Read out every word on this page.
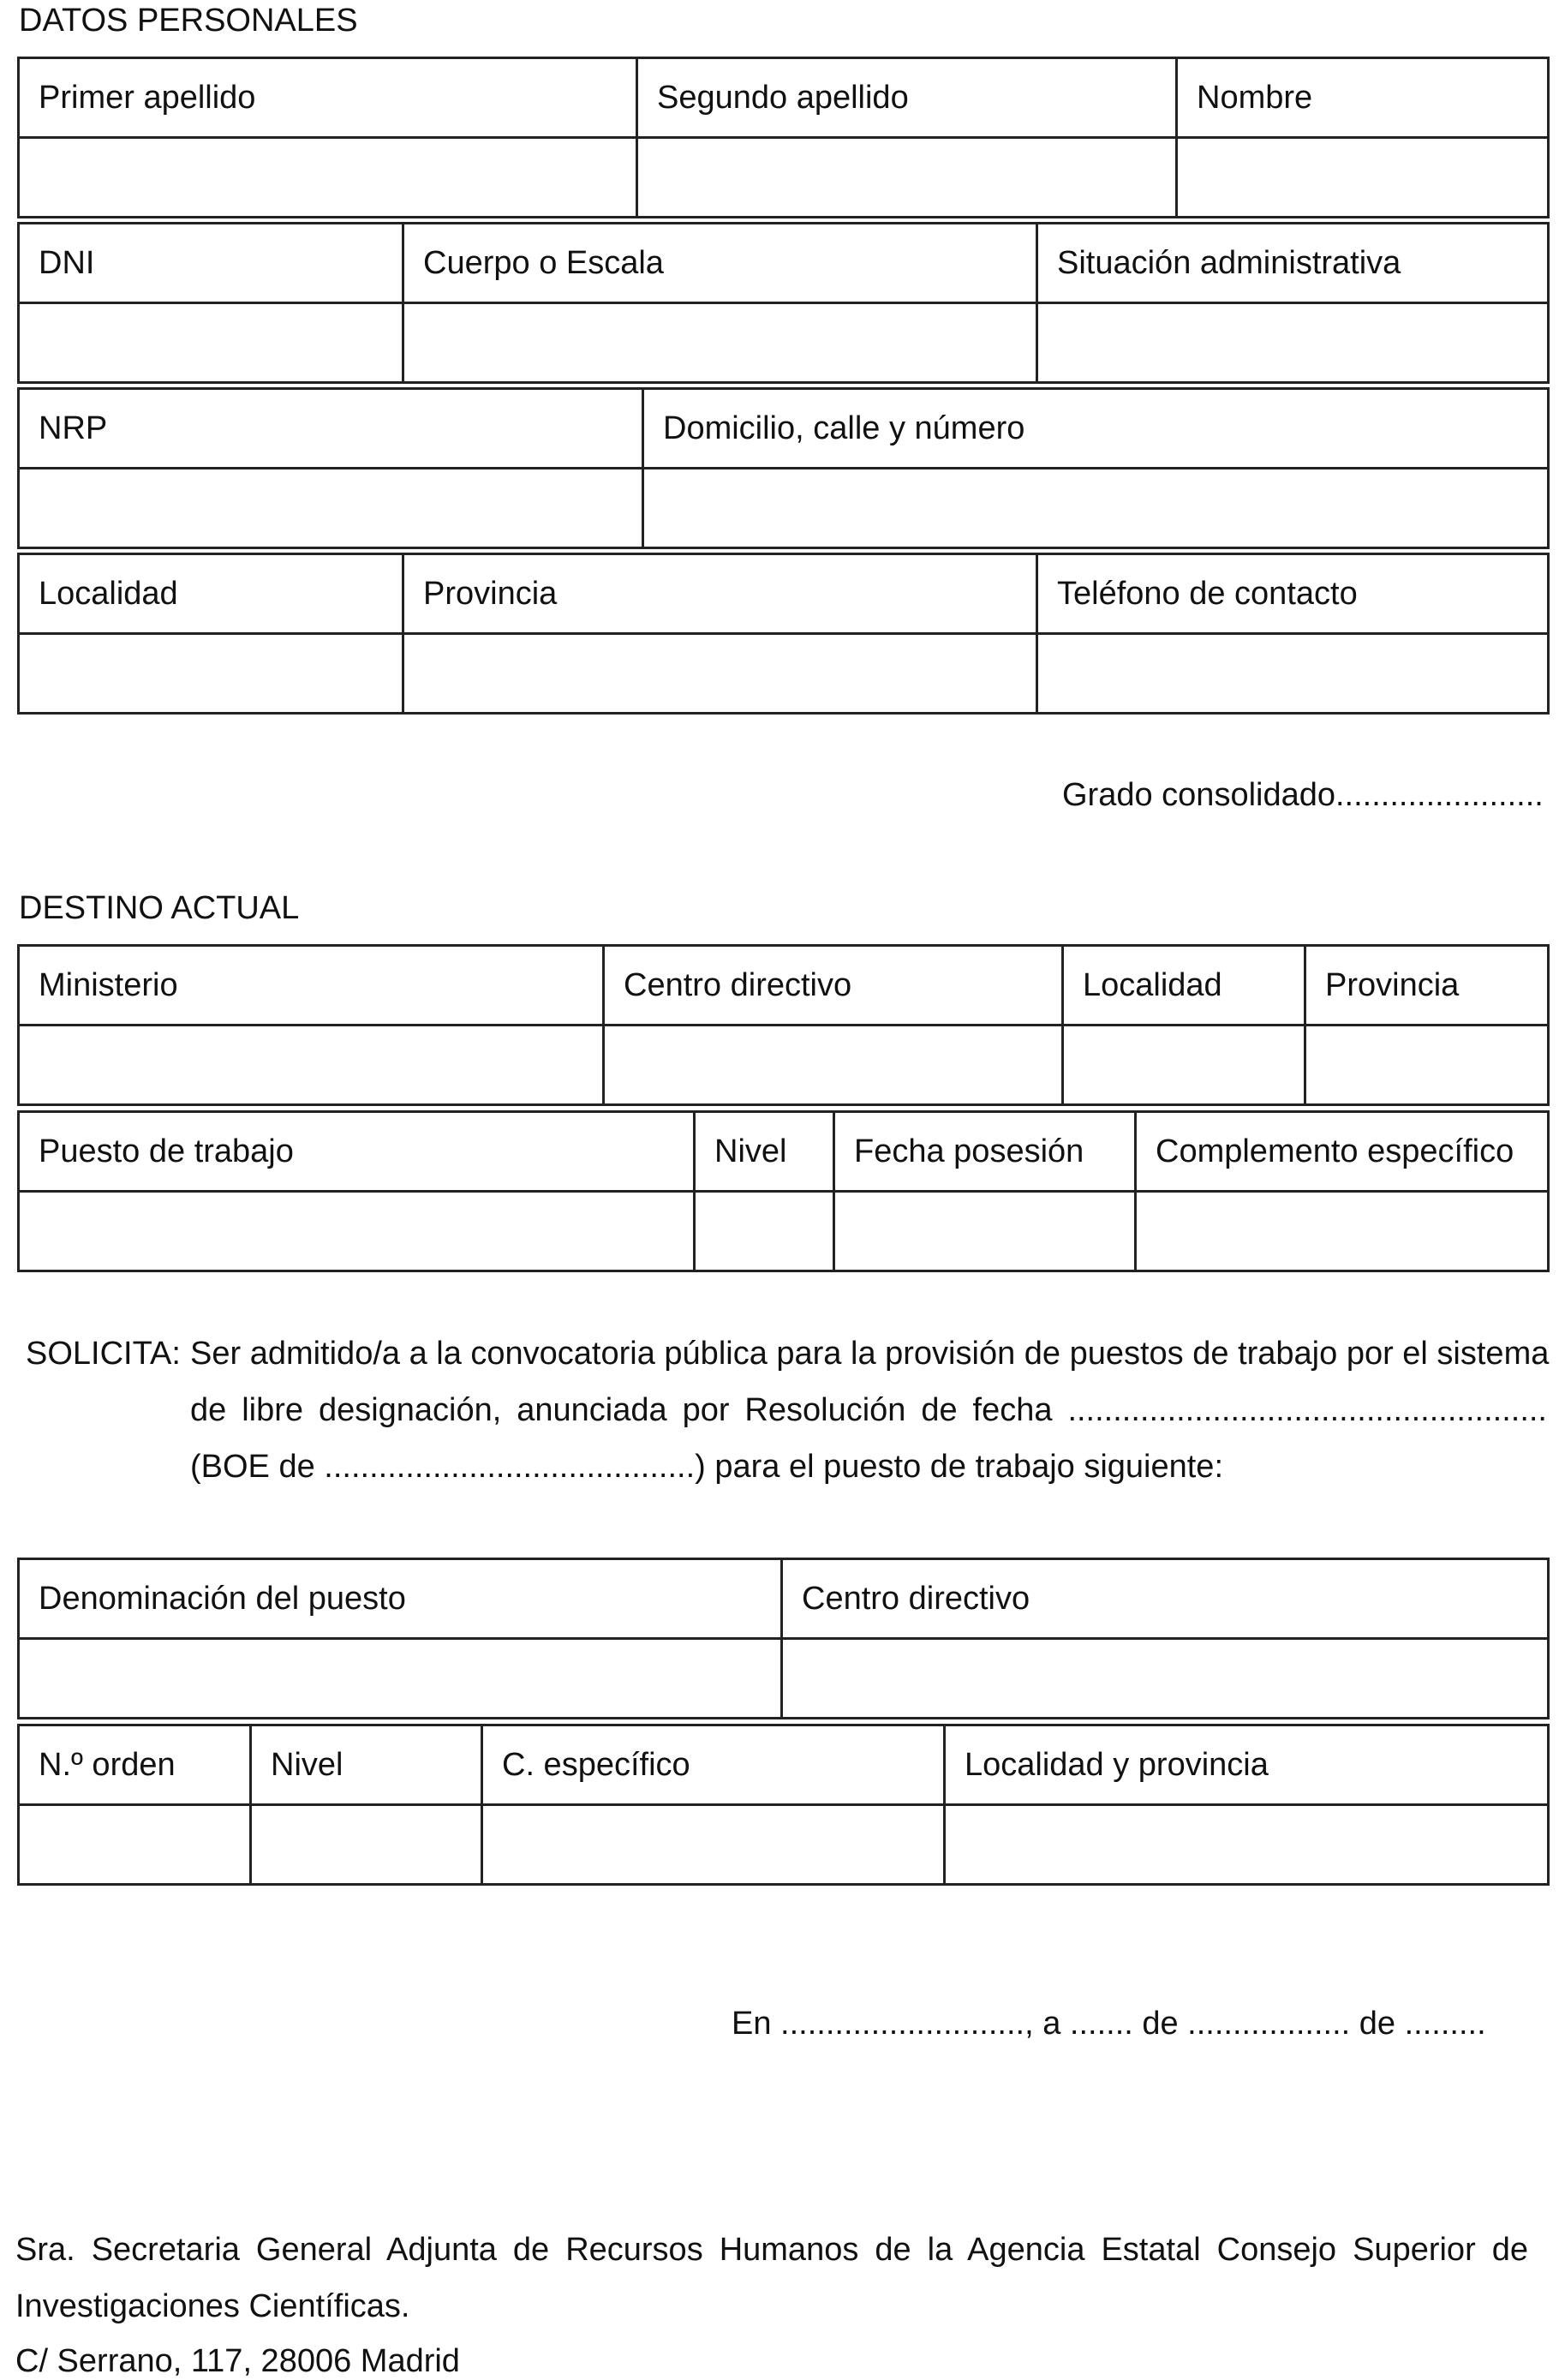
DATOS PERSONALES
Primer apellido	Segundo apellido	Nombre

DNI	Cuerpo o Escala	Situación administrativa

NRP	Domicilio, calle y número

Localidad	Provincia	Teléfono de contacto

Grado consolidado.......................
DESTINO ACTUAL
Ministerio	Centro directivo	Localidad	Provincia

Puesto de trabajo	Nivel	Fecha posesión	Complemento específico

SOLICITA: Ser admitido/a a la convocatoria pública para la provisión de puestos de trabajo por el sistema
de libre designación, anunciada por Resolución de fecha .....................................................
(BOE de .........................................) para el puesto de trabajo siguiente:
Denominación del puesto	Centro directivo

N.º orden	Nivel	C. específico	Localidad y provincia

En ..........................., a ....... de .................. de .........
Sra. Secretaria General Adjunta de Recursos Humanos de la Agencia Estatal Consejo Superior de
Investigaciones Científicas.
C/ Serrano, 117, 28006 Madrid
